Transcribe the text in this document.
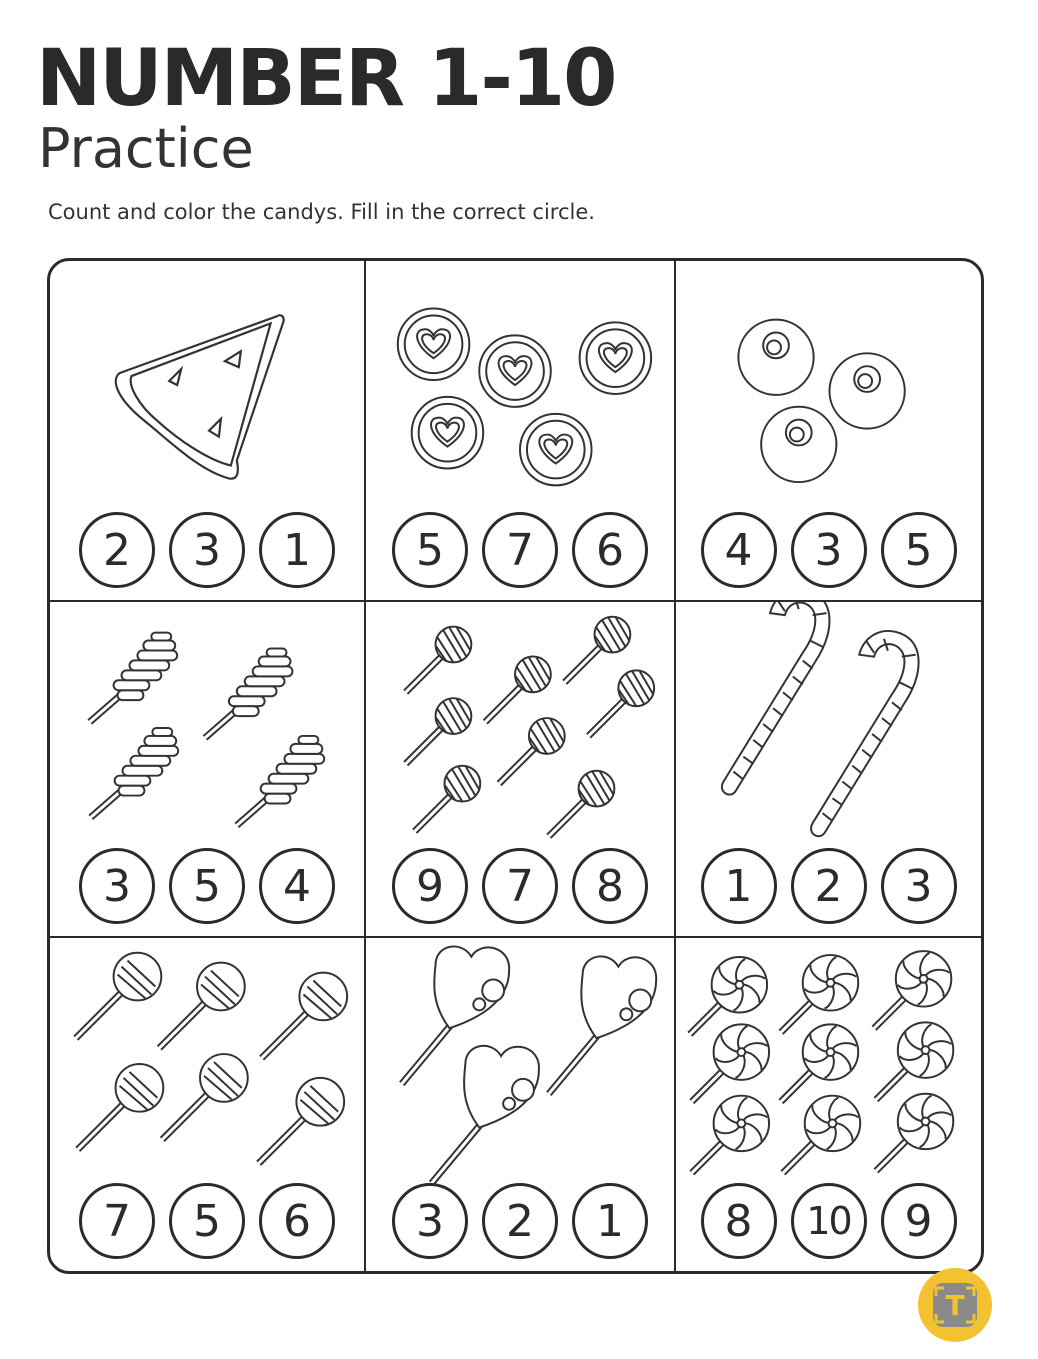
NUMBER 1-10
Practice
Count and color the candys. Fill in the correct circle.
2	3	1	5	7	6	4	3	5
3	5	4	9	7	8	1	2	3
7	5	6	3	2	1	8	10	9
T
